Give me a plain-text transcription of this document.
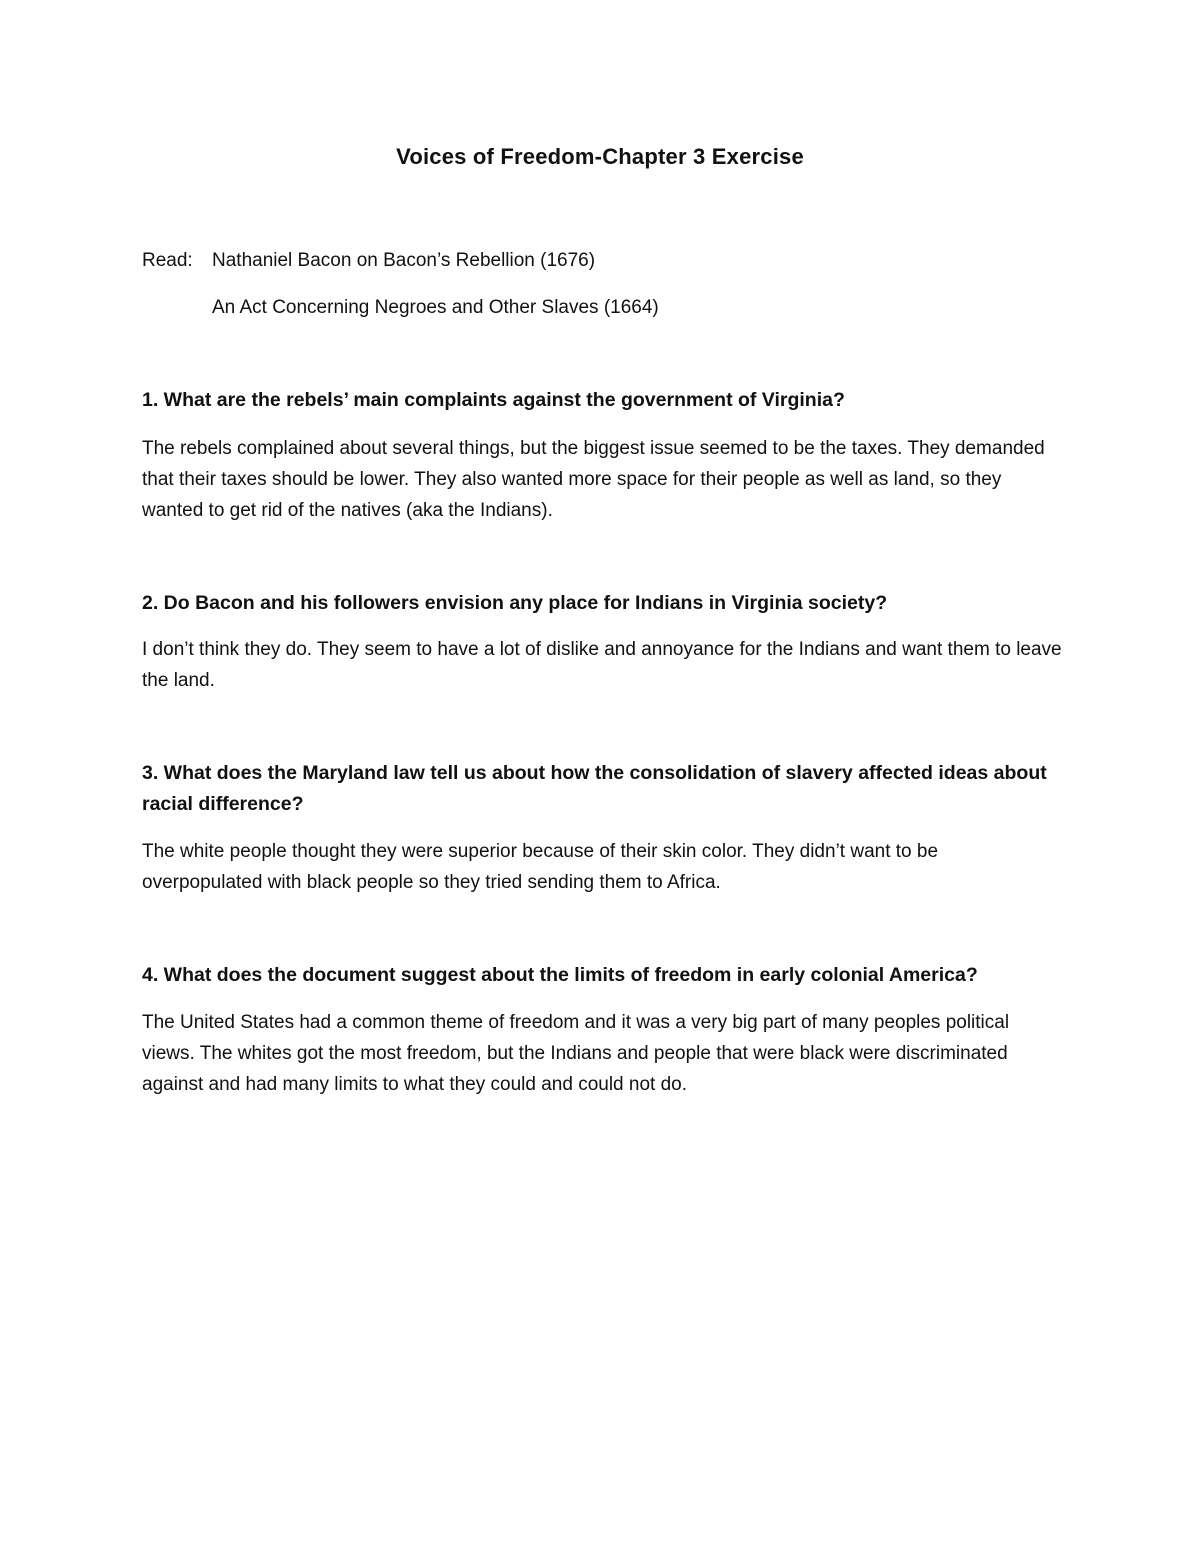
Voices of Freedom-Chapter 3 Exercise
Read: Nathaniel Bacon on Bacon’s Rebellion (1676)
An Act Concerning Negroes and Other Slaves (1664)
1. What are the rebels’ main complaints against the government of Virginia?
The rebels complained about several things, but the biggest issue seemed to be the taxes. They demanded that their taxes should be lower. They also wanted more space for their people as well as land, so they wanted to get rid of the natives (aka the Indians).
2. Do Bacon and his followers envision any place for Indians in Virginia society?
I don’t think they do. They seem to have a lot of dislike and annoyance for the Indians and want them to leave the land.
3. What does the Maryland law tell us about how the consolidation of slavery affected ideas about racial difference?
The white people thought they were superior because of their skin color. They didn’t want to be overpopulated with black people so they tried sending them to Africa.
4. What does the document suggest about the limits of freedom in early colonial America?
The United States had a common theme of freedom and it was a very big part of many peoples political views. The whites got the most freedom, but the Indians and people that were black were discriminated against and had many limits to what they could and could not do.
